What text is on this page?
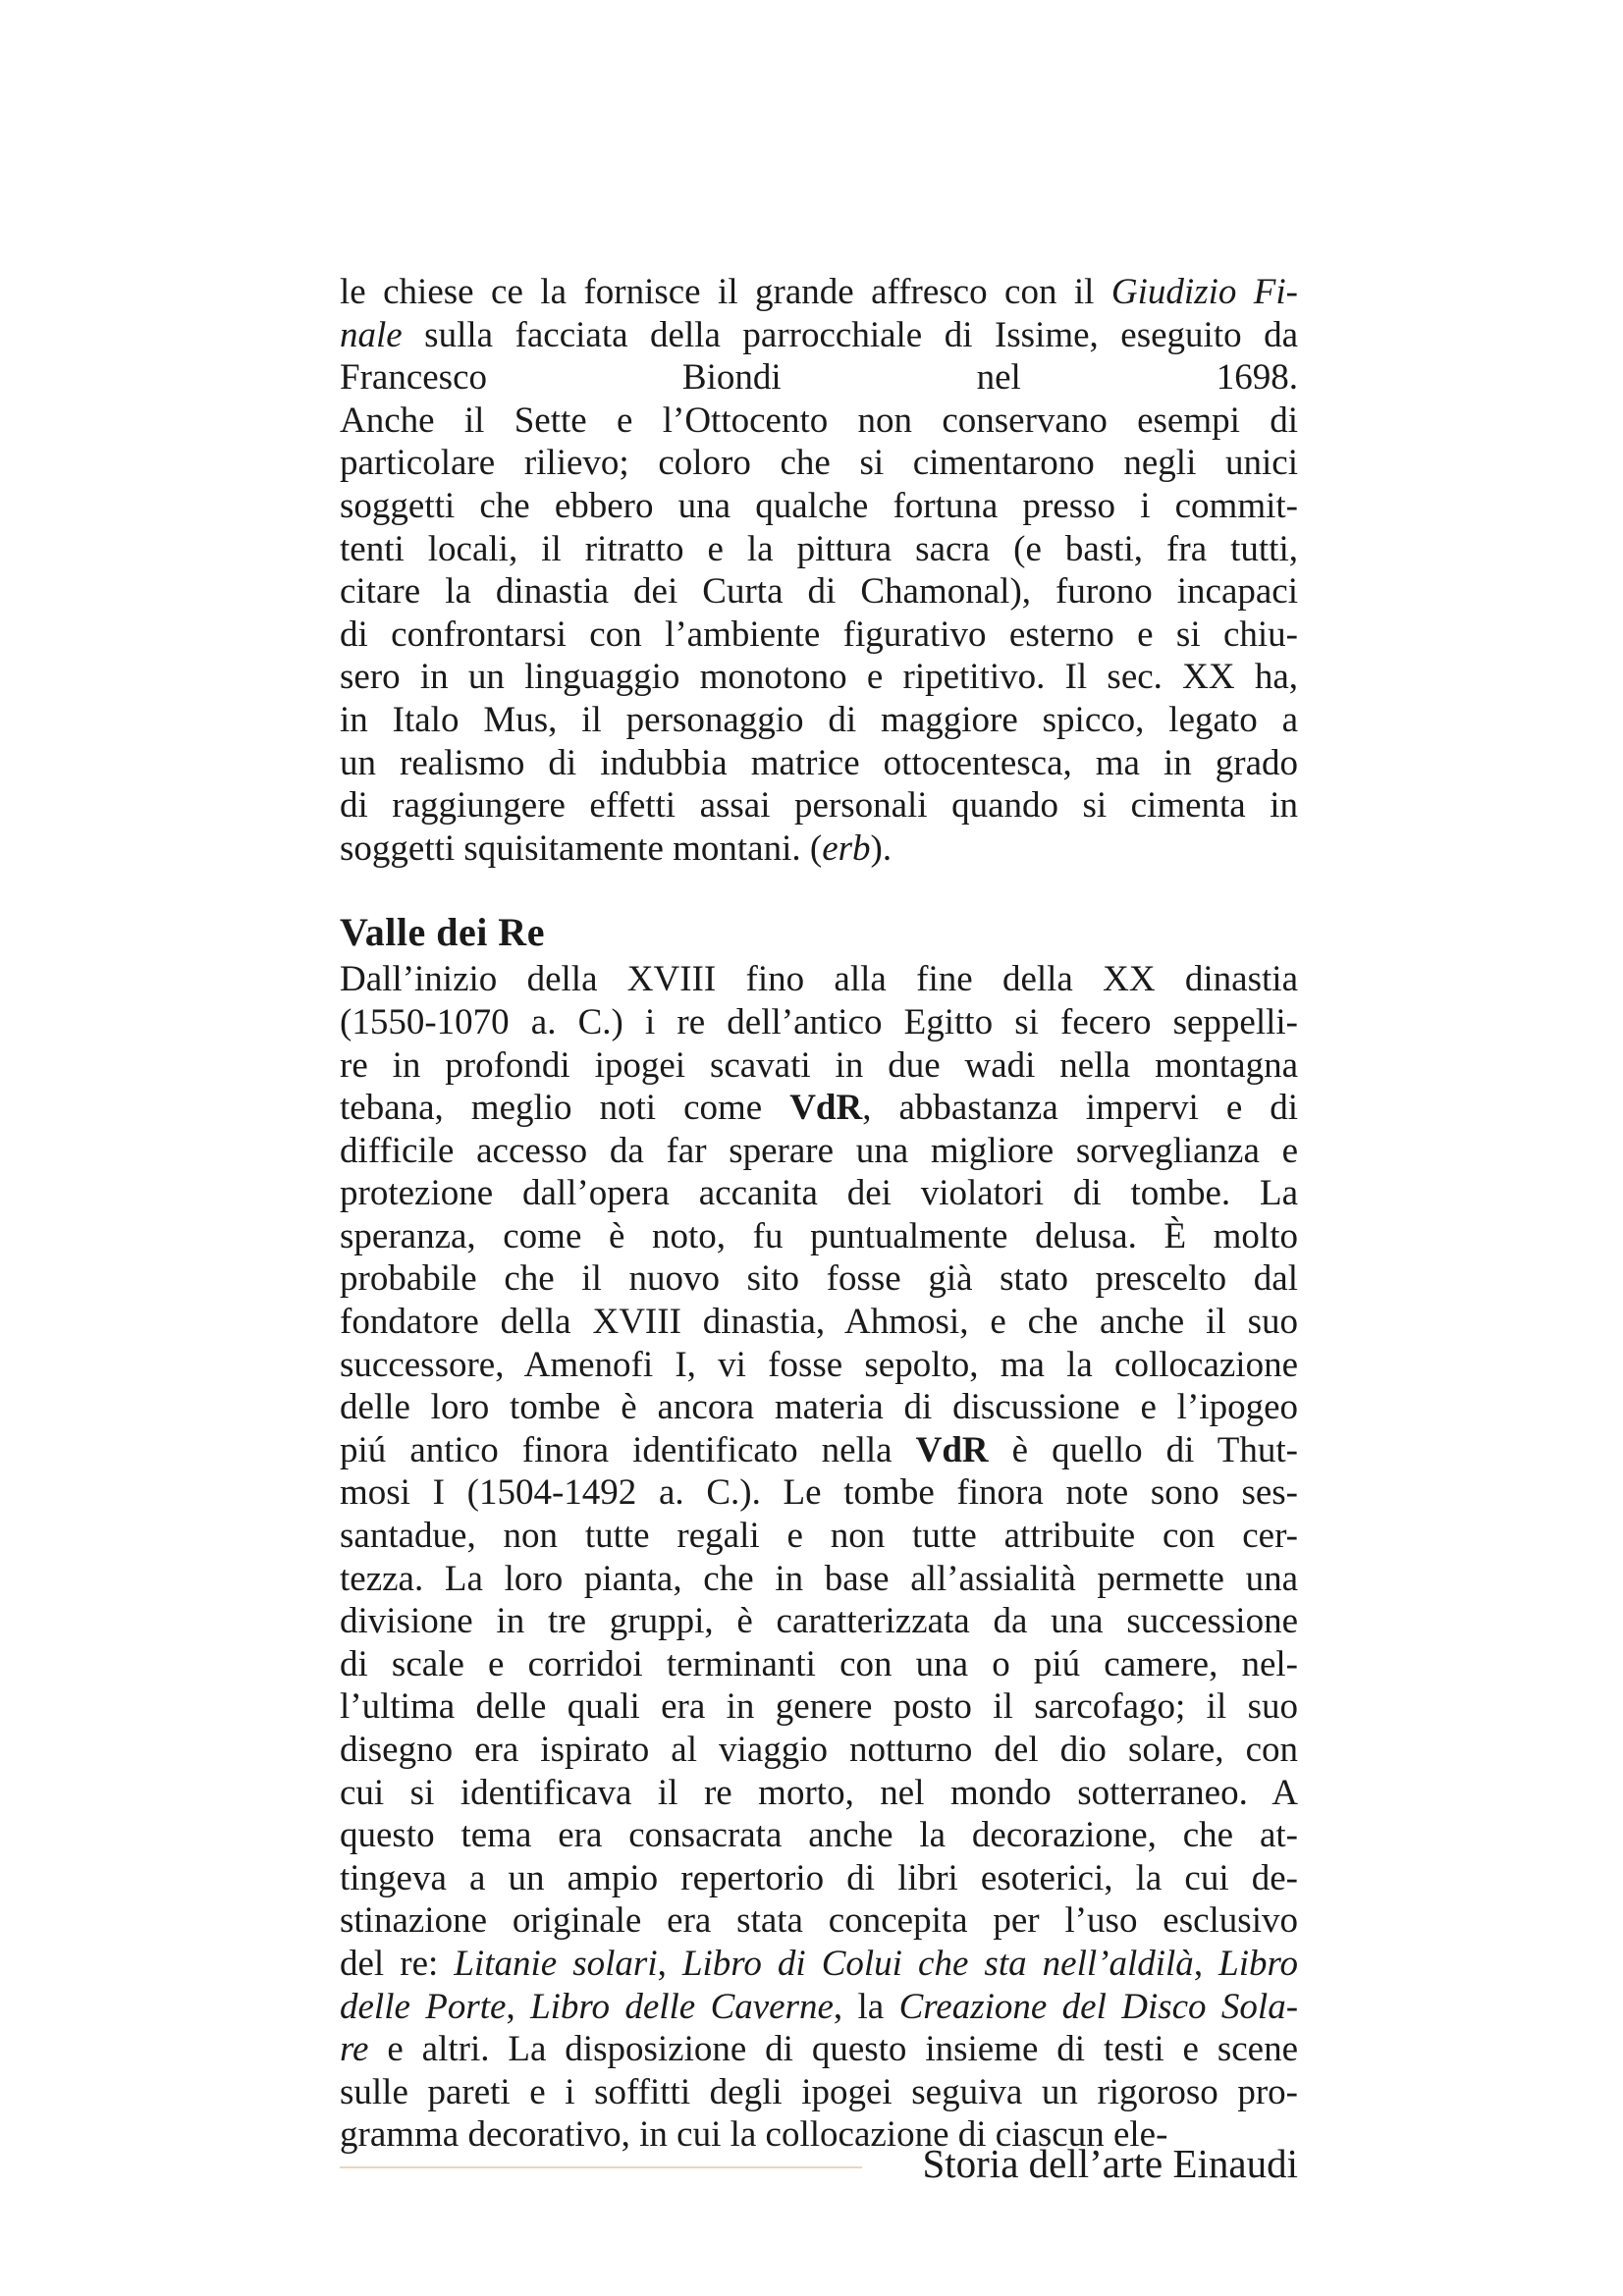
le chiese ce la fornisce il grande affresco con il Giudizio Fi-
nale sulla facciata della parrocchiale di Issime, eseguito da
Francesco Biondi nel 1698.
Anche il Sette e l’Ottocento non conservano esempi di
particolare rilievo; coloro che si cimentarono negli unici
soggetti che ebbero una qualche fortuna presso i commit-
tenti locali, il ritratto e la pittura sacra (e basti, fra tutti,
citare la dinastia dei Curta di Chamonal), furono incapaci
di confrontarsi con l’ambiente figurativo esterno e si chiu-
sero in un linguaggio monotono e ripetitivo. Il sec. XX ha,
in Italo Mus, il personaggio di maggiore spicco, legato a
un realismo di indubbia matrice ottocentesca, ma in grado
di raggiungere effetti assai personali quando si cimenta in
soggetti squisitamente montani. (erb).
Valle dei Re
Dall’inizio della XVIII fino alla fine della XX dinastia
(1550-1070 a. C.) i re dell’antico Egitto si fecero seppelli-
re in profondi ipogei scavati in due wadi nella montagna
tebana, meglio noti come VdR, abbastanza impervi e di
difficile accesso da far sperare una migliore sorveglianza e
protezione dall’opera accanita dei violatori di tombe. La
speranza, come è noto, fu puntualmente delusa. È molto
probabile che il nuovo sito fosse già stato prescelto dal
fondatore della XVIII dinastia, Ahmosi, e che anche il suo
successore, Amenofi I, vi fosse sepolto, ma la collocazione
delle loro tombe è ancora materia di discussione e l’ipogeo
piú antico finora identificato nella VdR è quello di Thut-
mosi I (1504-1492 a. C.). Le tombe finora note sono ses-
santadue, non tutte regali e non tutte attribuite con cer-
tezza. La loro pianta, che in base all’assialità permette una
divisione in tre gruppi, è caratterizzata da una successione
di scale e corridoi terminanti con una o piú camere, nel-
l’ultima delle quali era in genere posto il sarcofago; il suo
disegno era ispirato al viaggio notturno del dio solare, con
cui si identificava il re morto, nel mondo sotterraneo. A
questo tema era consacrata anche la decorazione, che at-
tingeva a un ampio repertorio di libri esoterici, la cui de-
stinazione originale era stata concepita per l’uso esclusivo
del re: Litanie solari, Libro di Colui che sta nell’aldilà, Libro
delle Porte, Libro delle Caverne, la Creazione del Disco Sola-
re e altri. La disposizione di questo insieme di testi e scene
sulle pareti e i soffitti degli ipogei seguiva un rigoroso pro-
gramma decorativo, in cui la collocazione di ciascun ele-
Storia dell’arte Einaudi
